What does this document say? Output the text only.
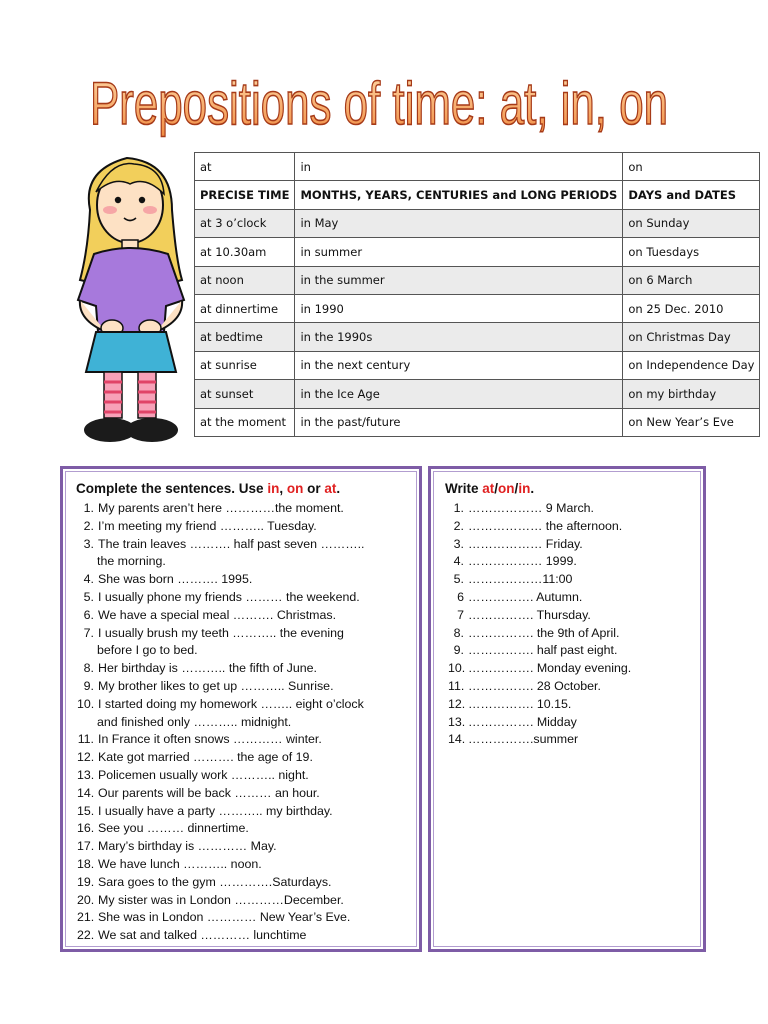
Prepositions of time: at, in, on
at	in	on
PRECISE TIME	MONTHS, YEARS, CENTURIES and LONG PERIODS	DAYS and DATES
at 3 o’clock	in May	on Sunday
at 10.30am	in summer	on Tuesdays
at noon	in the summer	on 6 March
at dinnertime	in 1990	on 25 Dec. 2010
at bedtime	in the 1990s	on Christmas Day
at sunrise	in the next century	on Independence Day
at sunset	in the Ice Age	on my birthday
at the moment	in the past/future	on New Year’s Eve
Complete the sentences. Use in, on or at.
1. My parents aren’t here …………the moment.
2. I’m meeting my friend ……….. Tuesday.
3. The train leaves ………. half past seven ………..
the morning.
4. She was born ………. 1995.
5. I usually phone my friends ……… the weekend.
6. We have a special meal ………. Christmas.
7. I usually brush my teeth ……….. the evening
before I go to bed.
8. Her birthday is ……….. the fifth of June.
9. My brother likes to get up ……….. Sunrise.
10. I started doing my homework …….. eight o’clock
and finished only ……….. midnight.
11. In France it often snows ………… winter.
12. Kate got married ………. the age of 19.
13. Policemen usually work ……….. night.
14. Our parents will be back ……… an hour.
15. I usually have a party ……….. my birthday.
16. See you ……… dinnertime.
17. Mary’s birthday is ………… May.
18. We have lunch ……….. noon.
19. Sara goes to the gym ………….Saturdays.
20. My sister was in London …………December.
21. She was in London ………… New Year’s Eve.
22. We sat and talked ………… lunchtime
Write at/on/in.
1. ……………… 9 March.
2. ……………… the afternoon.
3. ……………… Friday.
4. ……………… 1999.
5. ………………11:00
6 ……………. Autumn.
7 ……………. Thursday.
8. ……………. the 9th of April.
9. ……………. half past eight.
10. ……………. Monday evening.
11. ……………. 28 October.
12. ……………. 10.15.
13. ……………. Midday
14. …………….summer
